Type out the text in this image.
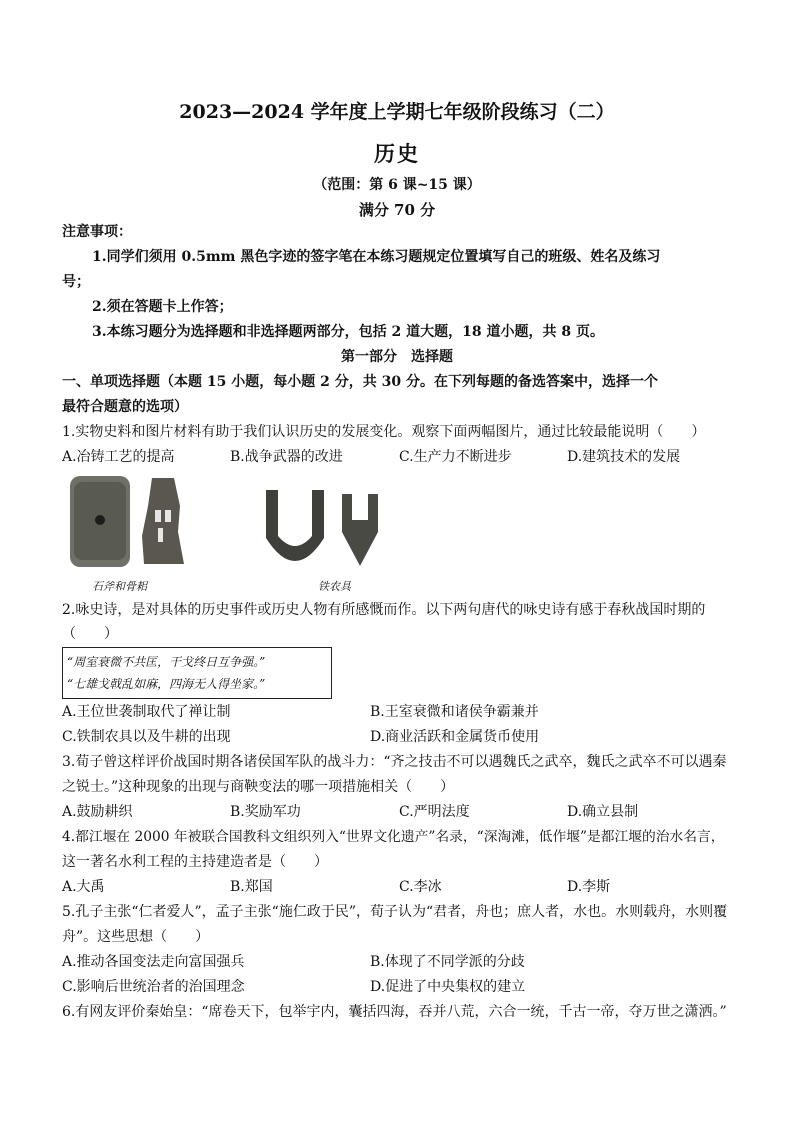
2023—2024 学年度上学期七年级阶段练习（二）
历史
（范围：第 6 课~15 课）
满分 70 分
注意事项：
1.同学们须用 0.5mm 黑色字迹的签字笔在本练习题规定位置填写自己的班级、姓名及练习
号；
2.须在答题卡上作答；
3.本练习题分为选择题和非选择题两部分，包括 2 道大题，18 道小题，共 8 页。
第一部分　选择题
一、单项选择题（本题 15 小题，每小题 2 分，共 30 分。在下列每题的备选答案中，选择一个
最符合题意的选项）
1.实物史料和图片材料有助于我们认识历史的发展变化。观察下面两幅图片，通过比较最能说明（　　）
A.冶铸工艺的提高	B.战争武器的改进	C.生产力不断进步	D.建筑技术的发展
石斧和骨耜	铁农具
2.咏史诗，是对具体的历史事件或历史人物有所感慨而作。以下两句唐代的咏史诗有感于春秋战国时期的
（　　）
“周室衰微不共匡，干戈终日互争强。”
“七雄戈戟乱如麻，四海无人得坐家。”
A.王位世袭制取代了禅让制	B.王室衰微和诸侯争霸兼并
C.铁制农具以及牛耕的出现	D.商业活跃和金属货币使用
3.荀子曾这样评价战国时期各诸侯国军队的战斗力：“齐之技击不可以遇魏氏之武卒，魏氏之武卒不可以遇秦
之锐士。”这种现象的出现与商鞅变法的哪一项措施相关（　　）
A.鼓励耕织	B.奖励军功	C.严明法度	D.确立县制
4.都江堰在 2000 年被联合国教科文组织列入“世界文化遗产”名录，“深淘滩，低作堰”是都江堰的治水名言，
这一著名水利工程的主持建造者是（　　）
A.大禹	B.郑国	C.李冰	D.李斯
5.孔子主张“仁者爱人”，孟子主张“施仁政于民”，荀子认为“君者，舟也；庶人者，水也。水则载舟，水则覆
舟”。这些思想（　　）
A.推动各国变法走向富国强兵	B.体现了不同学派的分歧
C.影响后世统治者的治国理念	D.促进了中央集权的建立
6.有网友评价秦始皇：“席卷天下，包举宇内，囊括四海，吞并八荒，六合一统，千古一帝，夺万世之潇洒。”
